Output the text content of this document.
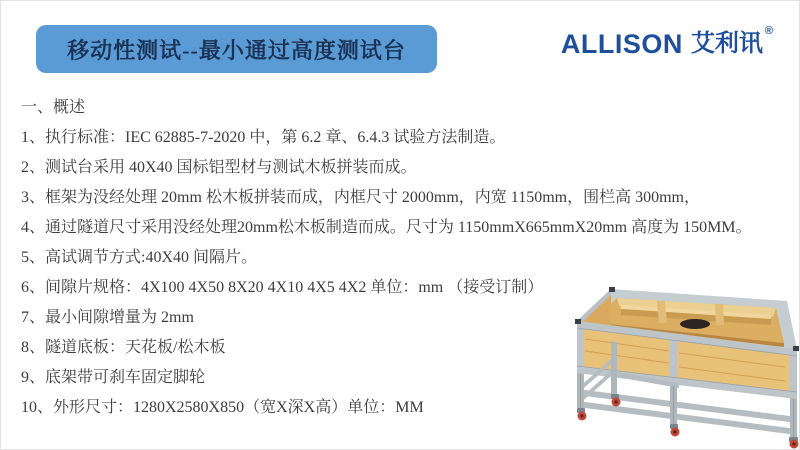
移动性测试--最小通过高度测试台	ALLISON 艾利讯 ®
一、概述
1、执行标准：IEC 62885-7-2020 中，第 6.2 章、6.4.3 试验方法制造。
2、测试台采用 40X40 国标铝型材与测试木板拼装而成。
3、框架为没经处理 20mm 松木板拼装而成，内框尺寸 2000mm，内宽 1150mm，围栏高 300mm，
4、通过隧道尺寸采用没经处理20mm松木板制造而成。尺寸为 1150mmX665mmX20mm 高度为 150MM。
5、高试调节方式:40X40 间隔片。
6、间隙片规格：4X100 4X50 8X20 4X10 4X5 4X2 单位：mm （接受订制）
7、最小间隙增量为 2mm
8、隧道底板：天花板/松木板
9、底架带可刹车固定脚轮
10、外形尺寸：1280X2580X850（宽X深X高）单位：MM
